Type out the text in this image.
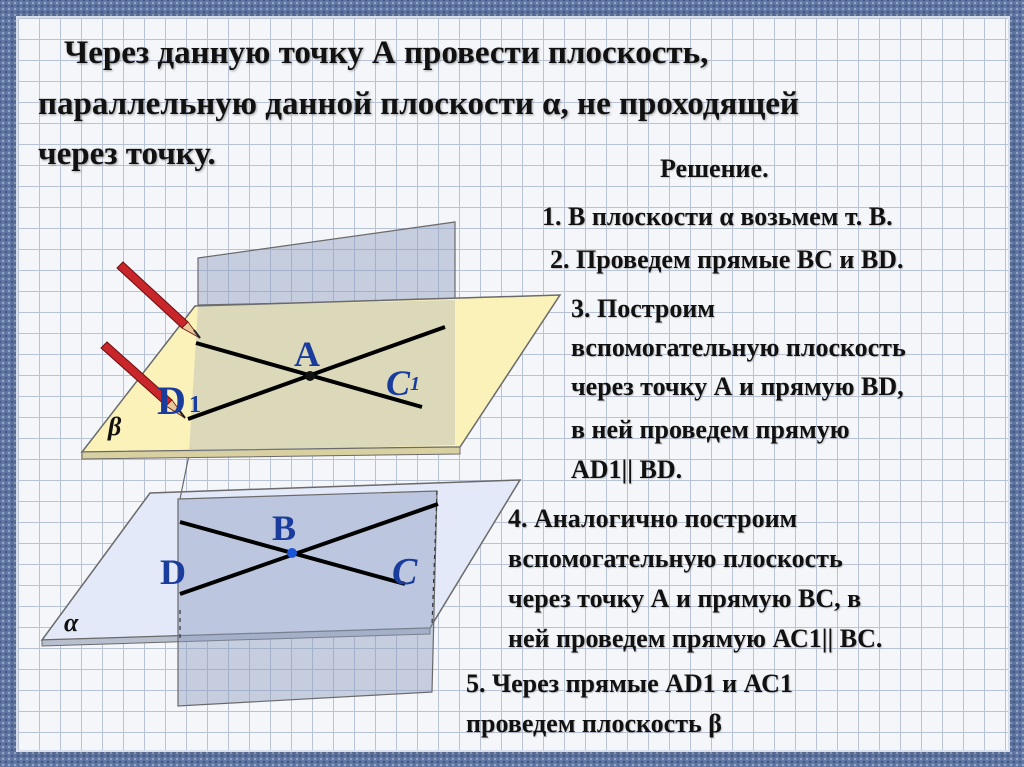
A
C 1
D 1
β
B
D	C
α
Через данную точку А провести плоскость,
параллельную данной плоскости α, не проходящей
через точку.	Решение.
1. В плоскости α возьмем т. В.
2. Проведем прямые ВС и ВD.
3. Построим
вспомогательную плоскость
через точку А и прямую ВD,
в ней проведем прямую
АD1|| ВD.
4. Аналогично построим
вспомогательную плоскость
через точку А и прямую ВС, в
ней проведем прямую АС1|| ВС.
5. Через прямые АD1 и АС1
проведем плоскость β
